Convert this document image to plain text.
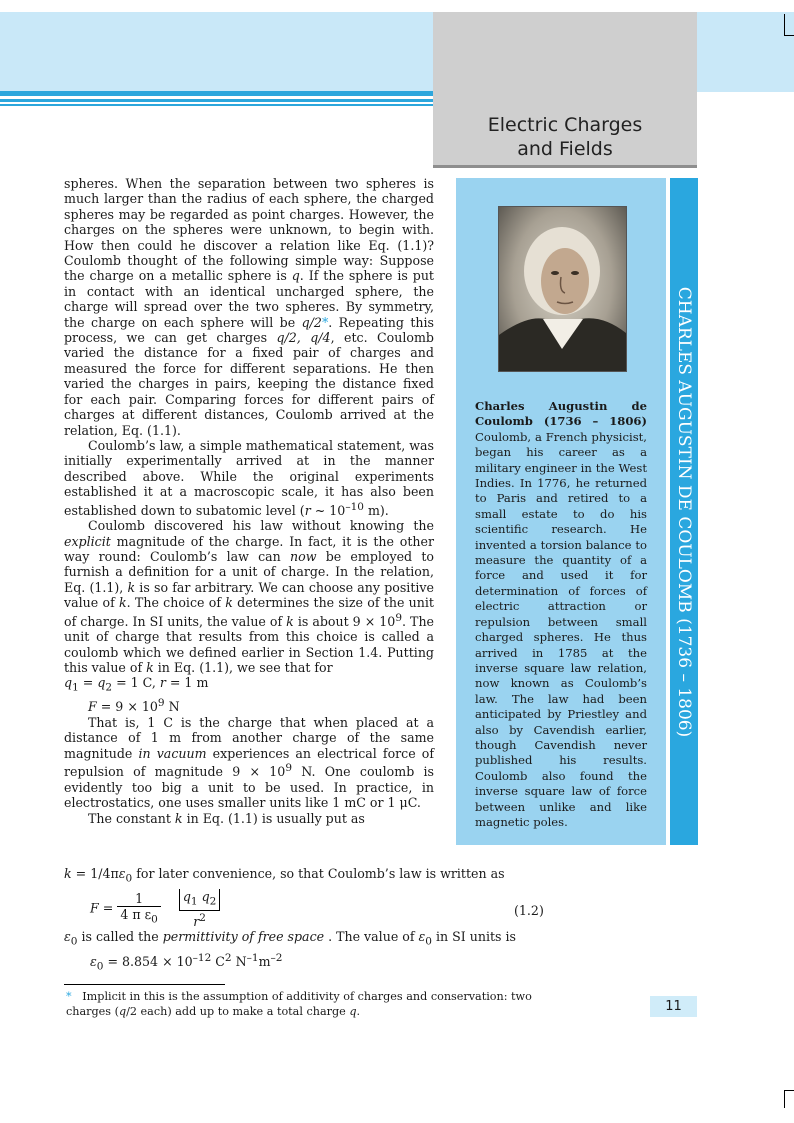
Electric Charges
and Fields

spheres. When the separation between two spheres is much larger than the radius of each sphere, the charged spheres may be regarded as point charges. However, the charges on the spheres were unknown, to begin with. How then could he discover a relation like Eq. (1.1)? Coulomb thought of the following simple way: Suppose the charge on a metallic sphere is q. If the sphere is put in contact with an identical uncharged sphere, the charge will spread over the two spheres. By symmetry, the charge on each sphere will be q/2*. Repeating this process, we can get charges q/2, q/4, etc. Coulomb varied the distance for a fixed pair of charges and measured the force for different separations. He then varied the charges in pairs, keeping the distance fixed for each pair. Comparing forces for different pairs of charges at different distances, Coulomb arrived at the relation, Eq. (1.1).

Coulomb’s law, a simple mathematical statement, was initially experimentally arrived at in the manner described above. While the original experiments established it at a macroscopic scale, it has also been established down to subatomic level (r ~ $10^{-10}$ m).

Coulomb discovered his law without knowing the explicit magnitude of the charge. In fact, it is the other way round: Coulomb’s law can now be employed to furnish a definition for a unit of charge. In the relation, Eq. (1.1), k is so far arbitrary. We can choose any positive value of k. The choice of k determines the size of the unit of charge. In SI units, the value of k is about $9 \times 10^9$. The unit of charge that results from this choice is called a coulomb which we defined earlier in Section 1.4. Putting this value of k in Eq. (1.1), we see that for

$q_1 = q_2 = 1$ C, r = 1 m

$F = 9 \times 10^9$ N

That is, 1 C is the charge that when placed at a distance of 1 m from another charge of the same magnitude in vacuum experiences an electrical force of repulsion of magnitude $9 \times 10^9$ N. One coulomb is evidently too big a unit to be used. In practice, in electrostatics, one uses smaller units like 1 mC or 1 μC.

The constant k in Eq. (1.1) is usually put as

Charles Augustin de Coulomb (1736 – 1806) Coulomb, a French physicist, began his career as a military engineer in the West Indies. In 1776, he returned to Paris and retired to a small estate to do his scientific research. He invented a torsion balance to measure the quantity of a force and used it for determination of forces of electric attraction or repulsion between small charged spheres. He thus arrived in 1785 at the inverse square law relation, now known as Coulomb’s law. The law had been anticipated by Priestley and also by Cavendish earlier, though Cavendish never published his results. Coulomb also found the inverse square law of force between unlike and like magnetic poles.
CHARLES AUGUSTIN DE COULOMB (1736 – 1806)
$k = 1/4\pi\varepsilon_0$ for later convenience, so that Coulomb’s law is written as
$F = \frac{1}{4 \pi \varepsilon_0}$
$\frac{q_1 q_2}{r^2}$	(1.2)
$\varepsilon_0$ is called the permittivity of free space . The value of $\varepsilon_0$ in SI units is
$\varepsilon_0 = 8.854 \times 10^{-12}$ $C^2$ $N^{-1}m^{-2}$
* Implicit in this is the assumption of additivity of charges and conservation: two charges (q/2 each) add up to make a total charge q.	11
